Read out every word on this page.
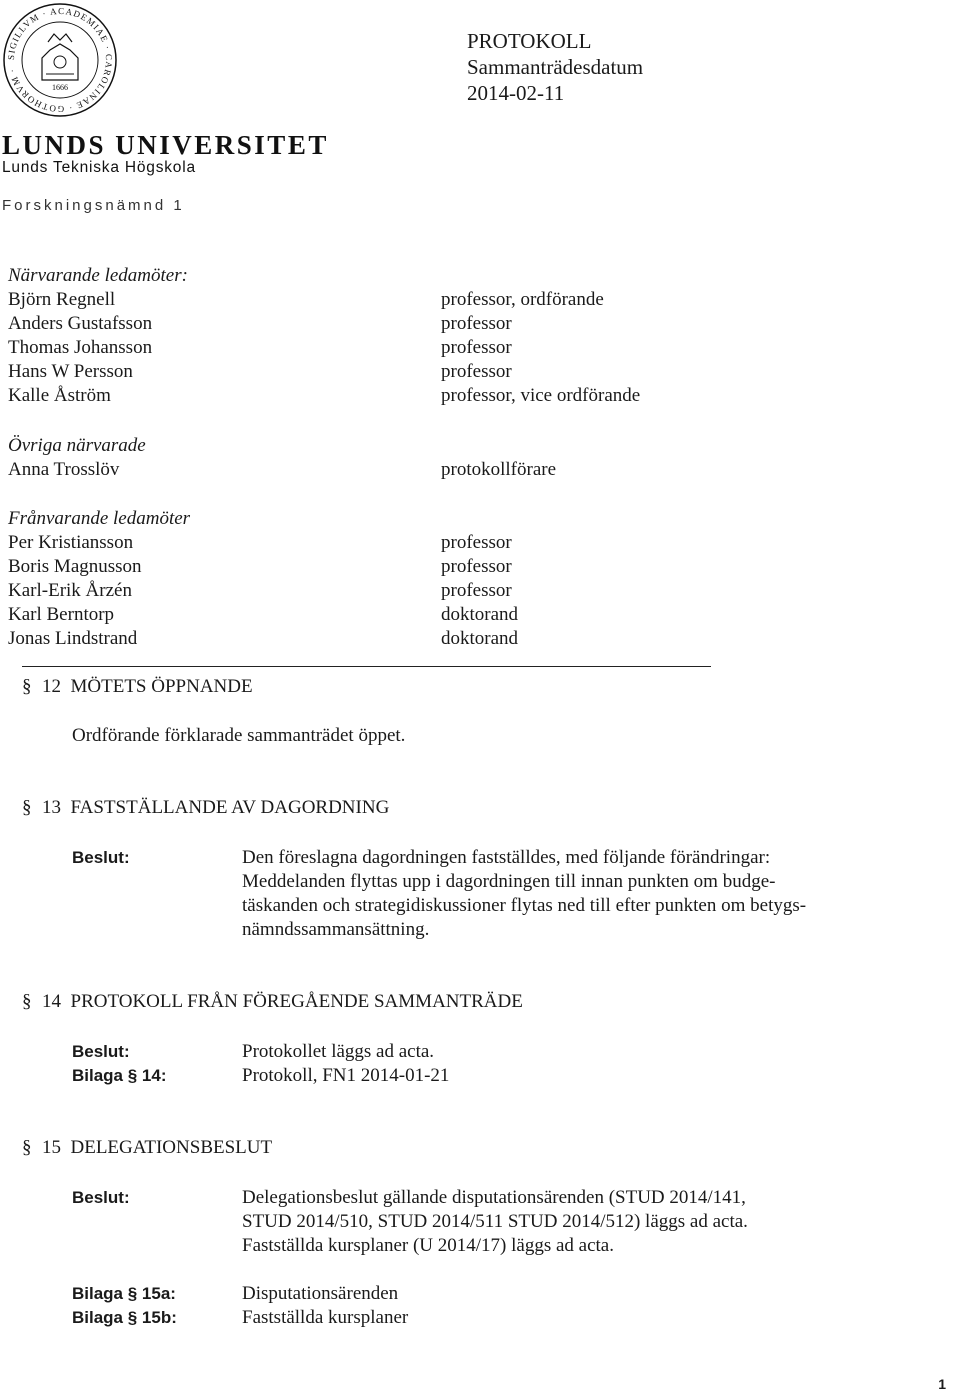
SIGILLVM · ACADEMIAE · CAROLINAE · GOTHORVM ·
1666
LUNDS UNIVERSITET
Lunds Tekniska Högskola
Forskningsnämnd 1
PROTOKOLL
Sammanträdesdatum
2014-02-11
Närvarande ledamöter:
Björn Regnell	professor, ordförande
Anders Gustafsson	professor
Thomas Johansson	professor
Hans W Persson	professor
Kalle Åström	professor, vice ordförande
Övriga närvarade
Anna Trosslöv	protokollförare
Frånvarande ledamöter
Per Kristiansson	professor
Boris Magnusson	professor
Karl-Erik Årzén	professor
Karl Berntorp	doktorand
Jonas Lindstrand	doktorand
§ 12 MÖTETS ÖPPNANDE
Ordförande förklarade sammanträdet öppet.
§ 13 FASTSTÄLLANDE AV DAGORDNING
Beslut:	Den föreslagna dagordningen fastställdes, med följande förändringar:
Meddelanden flyttas upp i dagordningen till innan punkten om budge-
täskanden och strategidiskussioner flytas ned till efter punkten om betygs-
nämndssammansättning.
§ 14 PROTOKOLL FRÅN FÖREGÅENDE SAMMANTRÄDE
Beslut:	Protokollet läggs ad acta.
Bilaga § 14:	Protokoll, FN1 2014-01-21
§ 15 DELEGATIONSBESLUT
Beslut:	Delegationsbeslut gällande disputationsärenden (STUD 2014/141,
STUD 2014/510, STUD 2014/511 STUD 2014/512) läggs ad acta.
Fastställda kursplaner (U 2014/17) läggs ad acta.
Bilaga § 15a:	Disputationsärenden
Bilaga § 15b:	Fastställda kursplaner
1
